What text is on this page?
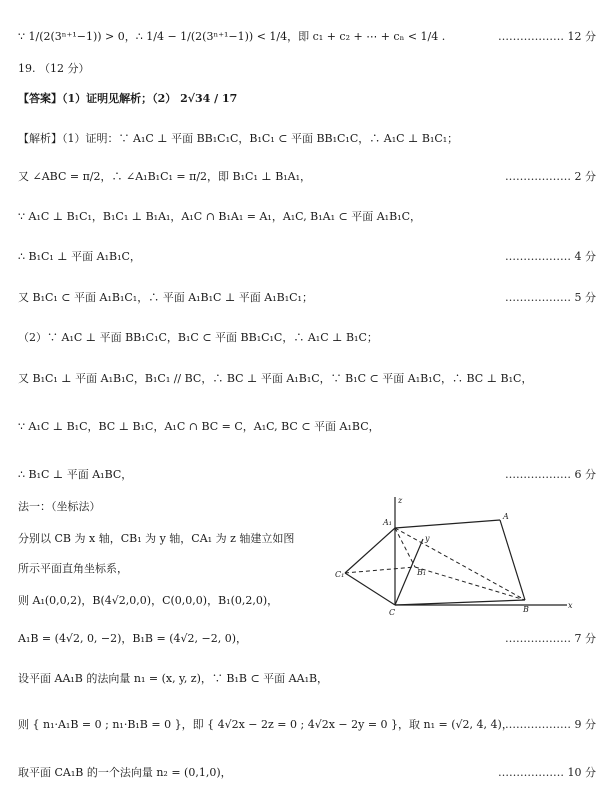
∵ 1/(2(3ⁿ⁺¹−1)) > 0，∴ 1/4 − 1/(2(3ⁿ⁺¹−1)) < 1/4，即 c₁ + c₂ + ⋯ + cₙ < 1/4 .	……………… 12 分
19. （12 分）
【答案】（1）证明见解析；（2） 2√34 / 17
【解析】（1）证明：∵ A₁C ⊥ 平面 BB₁C₁C，B₁C₁ ⊂ 平面 BB₁C₁C，∴ A₁C ⊥ B₁C₁；
又 ∠ABC = π/2，∴ ∠A₁B₁C₁ = π/2，即 B₁C₁ ⊥ B₁A₁，	……………… 2 分
∵ A₁C ⊥ B₁C₁，B₁C₁ ⊥ B₁A₁，A₁C ∩ B₁A₁ = A₁，A₁C, B₁A₁ ⊂ 平面 A₁B₁C，
∴ B₁C₁ ⊥ 平面 A₁B₁C，	……………… 4 分
又 B₁C₁ ⊂ 平面 A₁B₁C₁，∴ 平面 A₁B₁C ⊥ 平面 A₁B₁C₁；	……………… 5 分
（2）∵ A₁C ⊥ 平面 BB₁C₁C，B₁C ⊂ 平面 BB₁C₁C，∴ A₁C ⊥ B₁C；
又 B₁C₁ ⊥ 平面 A₁B₁C，B₁C₁ // BC，∴ BC ⊥ 平面 A₁B₁C，∵ B₁C ⊂ 平面 A₁B₁C，∴ BC ⊥ B₁C，
∵ A₁C ⊥ B₁C，BC ⊥ B₁C，A₁C ∩ BC = C，A₁C, BC ⊂ 平面 A₁BC，
∴ B₁C ⊥ 平面 A₁BC，	……………… 6 分
法一：（坐标法）
分别以 CB 为 x 轴，CB₁ 为 y 轴，CA₁ 为 z 轴建立如图
所示平面直角坐标系，
则 A₁(0,0,2)，B(4√2,0,0)，C(0,0,0)，B₁(0,2,0)，
A₁B = (4√2, 0, −2)，B₁B = (4√2, −2, 0)，	……………… 7 分
设平面 AA₁B 的法向量 n₁ = (x, y, z)，∵ B₁B ⊂ 平面 AA₁B，
则 { n₁·A₁B = 0 ; n₁·B₁B = 0 }，即 { 4√2x − 2z = 0 ; 4√2x − 2y = 0 }，取 n₁ = (√2, 4, 4)，
……………… 9 分
取平面 CA₁B 的一个法向量 n₂ = (0,1,0)，	……………… 10 分
z
A₁
A
y
C₁	B₁
C	B	x
